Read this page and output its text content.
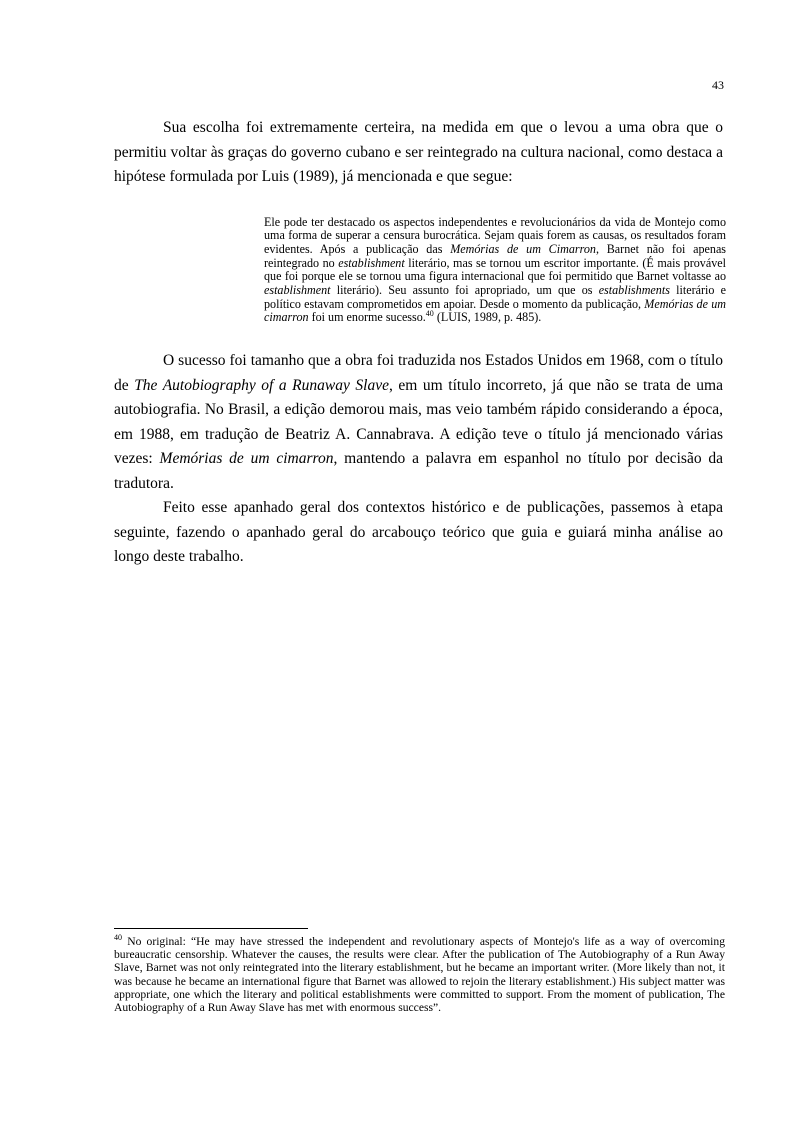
43

Sua escolha foi extremamente certeira, na medida em que o levou a uma obra que o permitiu voltar às graças do governo cubano e ser reintegrado na cultura nacional, como destaca a hipótese formulada por Luis (1989), já mencionada e que segue:

Ele pode ter destacado os aspectos independentes e revolucionários da vida de Montejo como uma forma de superar a censura burocrática. Sejam quais forem as causas, os resultados foram evidentes. Após a publicação das Memórias de um Cimarron, Barnet não foi apenas reintegrado no establishment literário, mas se tornou um escritor importante. (É mais provável que foi porque ele se tornou uma figura internacional que foi permitido que Barnet voltasse ao establishment literário). Seu assunto foi apropriado, um que os establishments literário e político estavam comprometidos em apoiar. Desde o momento da publicação, Memórias de um cimarron foi um enorme sucesso.$^{40}$ (LUIS, 1989, p. 485).

O sucesso foi tamanho que a obra foi traduzida nos Estados Unidos em 1968, com o título de The Autobiography of a Runaway Slave, em um título incorreto, já que não se trata de uma autobiografia. No Brasil, a edição demorou mais, mas veio também rápido considerando a época, em 1988, em tradução de Beatriz A. Cannabrava. A edição teve o título já mencionado várias vezes: Memórias de um cimarron, mantendo a palavra em espanhol no título por decisão da tradutora.

Feito esse apanhado geral dos contextos histórico e de publicações, passemos à etapa seguinte, fazendo o apanhado geral do arcabouço teórico que guia e guiará minha análise ao longo deste trabalho.

$^{40}$ No original: “He may have stressed the independent and revolutionary aspects of Montejo's life as a way of overcoming bureaucratic censorship. Whatever the causes, the results were clear. After the publication of The Autobiography of a Run Away Slave, Barnet was not only reintegrated into the literary establishment, but he became an important writer. (More likely than not, it was because he became an international figure that Barnet was allowed to rejoin the literary establishment.) His subject matter was appropriate, one which the literary and political establishments were committed to support. From the moment of publication, The Autobiography of a Run Away Slave has met with enormous success”.
